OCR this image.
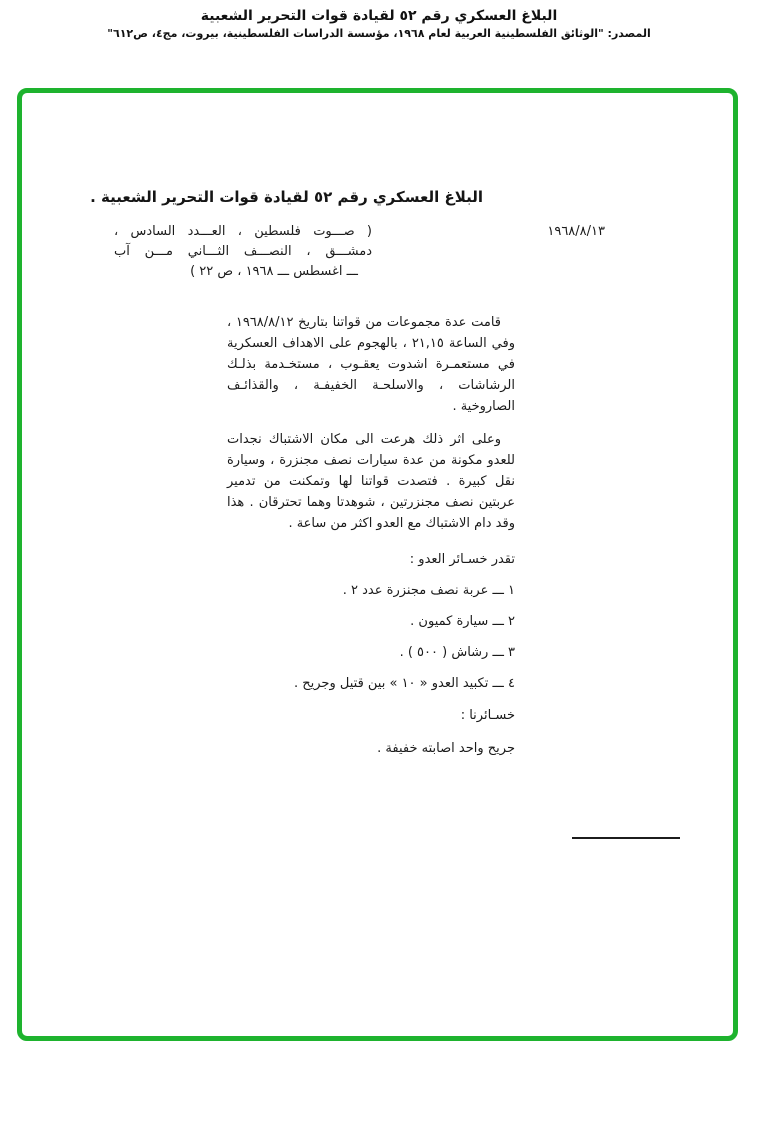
البلاغ العسكري رقم ٥٢ لقيادة قوات التحرير الشعبية
المصدر: "الوثائق الفلسطينية العربية لعام ١٩٦٨، مؤسسة الدراسات الفلسطينية، بيروت، مج٤، ص٦١٢"
البلاغ العسكري رقم ٥٢ لقيادة قوات التحرير الشعبية .
١٩٦٨/٨/١٣
( صـــوت فلسطين ، العـــدد السادس ،
دمشـــق ، النصـــف الثـــاني مـــن آب
ـــ اغسطس ـــ ١٩٦٨ ، ص ٢٢ )
قامت عدة مجموعات من قواتنا بتاريخ ١٩٦٨/٨/١٢ ، وفي الساعة ٢١,١٥ ، بالهجوم على الاهداف العسكرية في مستعمـرة اشدوت يعقـوب ، مستخـدمة بذلـك الرشاشات ، والاسلحـة الخفيفـة ، والقذائـف الصاروخية .
وعلى اثر ذلك هرعت الى مكان الاشتباك نجدات للعدو مكونة من عدة سيارات نصف مجنزرة ، وسيارة نقل كبيرة . فتصدت قواتنا لها وتمكنت من تدمير عربتين نصف مجنزرتين ، شوهدتا وهما تحترقان . هذا وقد دام الاشتباك مع العدو اكثر من ساعة .
تقدر خسـائر العدو :
١ ـــ عربة نصف مجنزرة عدد ٢ .
٢ ـــ سيارة كميون .
٣ ـــ رشاش ( ٥٠٠ ) .
٤ ـــ تكبيد العدو « ١٠ » بين قتيل وجريح .
خسـائرنا :
جريح واحد اصابته خفيفة .
